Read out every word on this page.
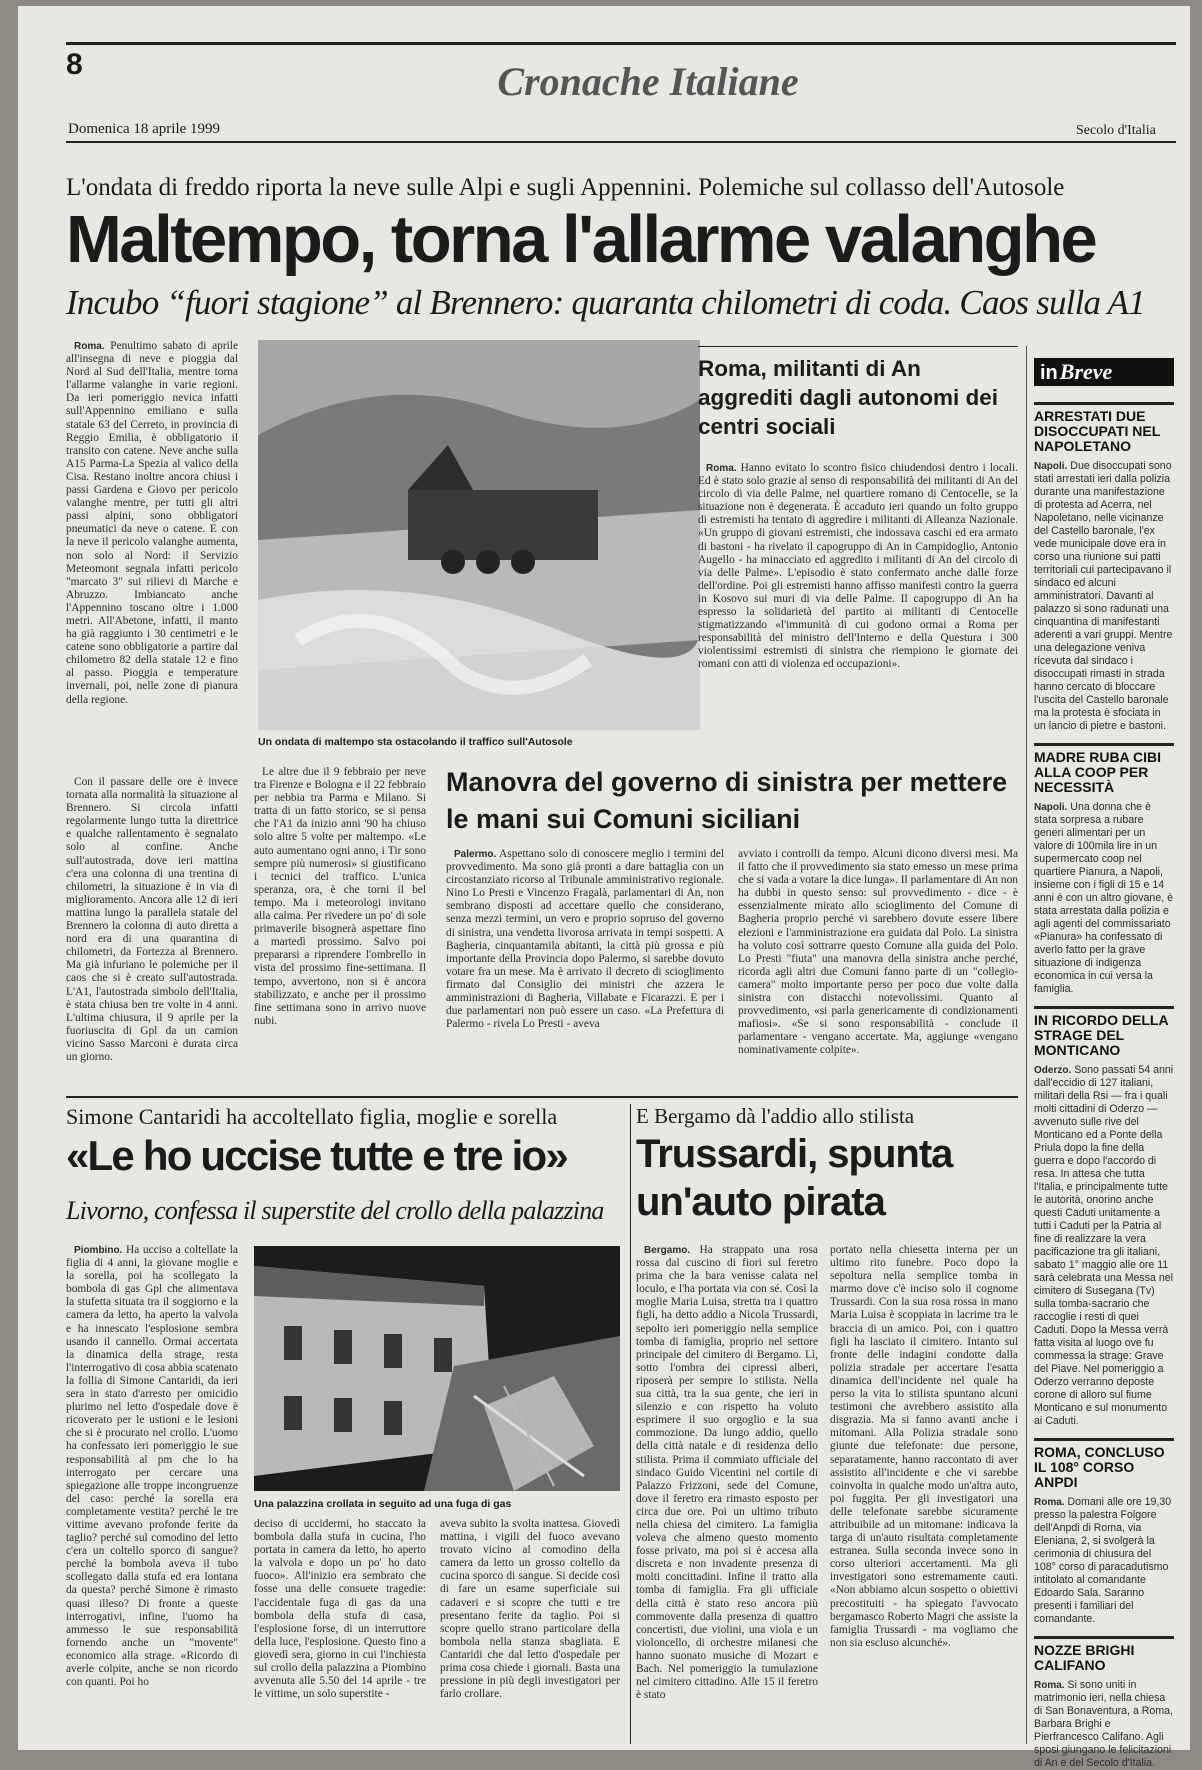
8	Cronache Italiane
Domenica 18 aprile 1999	Secolo d'Italia
L'ondata di freddo riporta la neve sulle Alpi e sugli Appennini. Polemiche sul collasso dell'Autosole
Maltempo, torna l'allarme valanghe
Incubo “fuori stagione” al Brennero: quaranta chilometri di coda. Caos sulla A1

Roma. Penultimo sabato di aprile all'insegna di neve e pioggia dal Nord al Sud dell'Italia, mentre torna l'allarme valanghe in varie regioni. Da ieri pomeriggio nevica infatti sull'Appennino emiliano e sulla statale 63 del Cerreto, in provincia di Reggio Emilia, è obbligatorio il transito con catene. Neve anche sulla A15 Parma-La Spezia al valico della Cisa. Restano inoltre ancora chiusi i passi Gardena e Giovo per pericolo valanghe mentre, per tutti gli altri passi alpini, sono obbligatori pneumatici da neve o catene. E con la neve il pericolo valanghe aumenta, non solo al Nord: il Servizio Meteomont segnala infatti pericolo "marcato 3" sui rilievi di Marche e Abruzzo. Imbiancato anche l'Appennino toscano oltre i 1.000 metri. All'Abetone, infatti, il manto ha già raggiunto i 30 centimetri e le catene sono obbligatorie a partire dal chilometro 82 della statale 12 e fino al passo. Pioggia e temperature invernali, poi, nelle zone di pianura della regione.

Un ondata di maltempo sta ostacolando il traffico sull'Autosole
Con il passare delle ore è invece tornata alla normalità la situazione al Brennero. Si circola infatti regolarmente lungo tutta la direttrice e qualche rallentamento è segnalato solo al confine. Anche sull'autostrada, dove ieri mattina c'era una colonna di una trentina di chilometri, la situazione è in via di miglioramento. Ancora alle 12 di ieri mattina lungo la parallela statale del Brennero la colonna di auto diretta a nord era di una quarantina di chilometri, da Fortezza al Brennero. Ma già infuriano le polemiche per il caos che si è creato sull'autostrada. L'A1, l'autostrada simbolo dell'Italia, è stata chiusa ben tre volte in 4 anni. L'ultima chiusura, il 9 aprile per la fuoriuscita di Gpl da un camion vicino Sasso Marconi è durata circa un giorno.
Le altre due il 9 febbraio per neve tra Firenze e Bologna e il 22 febbraio per nebbia tra Parma e Milano. Si tratta di un fatto storico, se si pensa che l'A1 da inizio anni '90 ha chiuso solo altre 5 volte per maltempo. «Le auto aumentano ogni anno, i Tir sono sempre più numerosi» si giustificano i tecnici del traffico. L'unica speranza, ora, è che torni il bel tempo. Ma i meteorologi invitano alla calma. Per rivedere un po' di sole primaverile bisognerà aspettare fino a martedì prossimo. Salvo poi prepararsi a riprendere l'ombrello in vista del prossimo fine-settimana. Il tempo, avvertono, non si è ancora stabilizzato, e anche per il prossimo fine settimana sono in arrivo nuove nubi.
Roma, militanti di An aggrediti dagli autonomi dei centri sociali

Roma. Hanno evitato lo scontro fisico chiudendosi dentro i locali. Ed è stato solo grazie al senso di responsabilità dei militanti di An del circolo di via delle Palme, nel quartiere romano di Centocelle, se la situazione non è degenerata. È accaduto ieri quando un folto gruppo di estremisti ha tentato di aggredire i militanti di Alleanza Nazionale. «Un gruppo di giovani estremisti, che indossava caschi ed era armato di bastoni - ha rivelato il capogruppo di An in Campidoglio, Antonio Augello - ha minacciato ed aggredito i militanti di An del circolo di via delle Palme». L'episodio è stato confermato anche dalle forze dell'ordine. Poi gli estremisti hanno affisso manifesti contro la guerra in Kosovo sui muri di via delle Palme. Il capogruppo di An ha espresso la solidarietà del partito ai militanti di Centocelle stigmatizzando «l'immunità di cui godono ormai a Roma per responsabilità del ministro dell'Interno e della Questura i 300 violentissimi estremisti di sinistra che riempiono le giornate dei romani con atti di violenza ed occupazioni».

Manovra del governo di sinistra per mettere le mani sui Comuni siciliani

Palermo. Aspettano solo di conoscere meglio i termini del provvedimento. Ma sono già pronti a dare battaglia con un circostanziato ricorso al Tribunale amministrativo regionale. Nino Lo Presti e Vincenzo Fragalà, parlamentari di An, non sembrano disposti ad accettare quello che considerano, senza mezzi termini, un vero e proprio sopruso del governo di sinistra, una vendetta livorosa arrivata in tempi sospetti. A Bagheria, cinquantamila abitanti, la città più grossa e più importante della Provincia dopo Palermo, si sarebbe dovuto votare fra un mese. Ma è arrivato il decreto di scioglimento firmato dal Consiglio dei ministri che azzera le amministrazioni di Bagheria, Villabate e Ficarazzi. E per i due parlamentari non può essere un caso. «La Prefettura di Palermo - rivela Lo Presti - aveva

avviato i controlli da tempo. Alcuni dicono diversi mesi. Ma il fatto che il provvedimento sia stato emesso un mese prima che si vada a votare la dice lunga». Il parlamentare di An non ha dubbi in questo senso: sul provvedimento - dice - è essenzialmente mirato allo scioglimento del Comune di Bagheria proprio perché vi sarebbero dovute essere libere elezioni e l'amministrazione era guidata dal Polo. La sinistra ha voluto così sottrarre questo Comune alla guida del Polo. Lo Presti "fiuta" una manovra della sinistra anche perché, ricorda agli altri due Comuni fanno parte di un "collegio-camera" molto importante perso per poco due volte dalla sinistra con distacchi notevolissimi. Quanto al provvedimento, «si parla genericamente di condizionamenti mafiosi». «Se si sono responsabilità - conclude il parlamentare - vengano accertate. Ma, aggiunge «vengano nominativamente colpite».
Simone Cantaridi ha accoltellato figlia, moglie e sorella
«Le ho uccise tutte e tre io»
Livorno, confessa il superstite del crollo della palazzina

Piombino. Ha ucciso a coltellate la figlia di 4 anni, la giovane moglie e la sorella, poi ha scollegato la bombola di gas Gpl che alimentava la stufetta situata tra il soggiorno e la camera da letto, ha aperto la valvola e ha innescato l'esplosione sembra usando il cannello. Ormai accertata la dinamica della strage, resta l'interrogativo di cosa abbia scatenato la follia di Simone Cantaridi, da ieri sera in stato d'arresto per omicidio plurimo nel letto d'ospedale dove è ricoverato per le ustioni e le lesioni che si è procurato nel crollo. L'uomo ha confessato ieri pomeriggio le sue responsabilità al pm che lo ha interrogato per cercare una spiegazione alle troppe incongruenze del caso: perché la sorella era completamente vestita? perché le tre vittime avevano profonde ferite da taglio? perché sul comodino del letto c'era un coltello sporco di sangue? perché la bombola aveva il tubo scollegato dalla stufa ed era lontana da questa? perché Simone è rimasto quasi illeso? Di fronte a queste interrogativi, infine, l'uomo ha ammesso le sue responsabilità fornendo anche un "movente" economico alla strage. «Ricordo di averle colpite, anche se non ricordo con quanti. Poi ho

Una palazzina crollata in seguito ad una fuga di gas
deciso di uccidermi, ho staccato la bombola dalla stufa in cucina, l'ho portata in camera da letto, ho aperto la valvola e dopo un po' ho dato fuoco». All'inizio era sembrato che fosse una delle consuete tragedie: l'accidentale fuga di gas da una bombola della stufa di casa, l'esplosione forse, di un interruttore della luce, l'esplosione. Questo fino a giovedì sera, giorno in cui l'inchiesta sul crollo della palazzina a Piombino avvenuta alle 5.50 del 14 aprile - tre le vittime, un solo superstite -
aveva subito la svolta inattesa. Giovedì mattina, i vigili del fuoco avevano trovato vicino al comodino della camera da letto un grosso coltello da cucina sporco di sangue. Si decide così di fare un esame superficiale sui cadaveri e si scopre che tutti e tre presentano ferite da taglio. Poi si scopre quello strano particolare della bombola nella stanza sbagliata. E Cantaridi che dal letto d'ospedale per prima cosa chiede i giornali. Basta una pressione in più degli investigatori per farlo crollare.
E Bergamo dà l'addio allo stilista
Trussardi, spunta un'auto pirata

Bergamo. Ha strappato una rosa rossa dal cuscino di fiori sul feretro prima che la bara venisse calata nel loculo, e l'ha portata via con sé. Così la moglie Maria Luisa, stretta tra i quattro figli, ha detto addio a Nicola Trussardi, sepolto ieri pomeriggio nella semplice tomba di famiglia, proprio nel settore principale del cimitero di Bergamo. Lì, sotto l'ombra dei cipressi alberi, riposerà per sempre lo stilista. Nella sua città, tra la sua gente, che ieri in silenzio e con rispetto ha voluto esprimere il suo orgoglio e la sua commozione. Da lungo addio, quello della città natale e di residenza dello stilista. Prima il commiato ufficiale del sindaco Guido Vicentini nel cortile di Palazzo Frizzoni, sede del Comune, dove il feretro era rimasto esposto per circa due ore. Poi un ultimo tributo nella chiesa del cimitero. La famiglia voleva che almeno questo momento fosse privato, ma poi si è accesa alla discreta e non invadente presenza di molti concittadini. Infine il tratto alla tomba di famiglia. Fra gli ufficiale della città è stato reso ancora più commovente dalla presenza di quattro concertisti, due violini, una viola e un violoncello, di orchestre milanesi che hanno suonato musiche di Mozart e Bach. Nel pomeriggio la tumulazione nel cimitero cittadino. Alle 15 il feretro è stato

portato nella chiesetta interna per un ultimo rito funebre. Poco dopo la sepoltura nella semplice tomba in marmo dove c'è inciso solo il cognome Trussardi. Con la sua rosa rossa in mano Maria Luisa è scoppiata in lacrime tra le braccia di un amico. Poi, con i quattro figli ha lasciato il cimitero. Intanto sul fronte delle indagini condotte dalla polizia stradale per accertare l'esatta dinamica dell'incidente nel quale ha perso la vita lo stilista spuntano alcuni testimoni che avrebbero assistito alla disgrazia. Ma si fanno avanti anche i mitomani. Alla Polizia stradale sono giunte due telefonate: due persone, separatamente, hanno raccontato di aver assistito all'incidente e che vi sarebbe coinvolta in qualche modo un'altra auto, poi fuggita. Per gli investigatori una delle telefonate sarebbe sicuramente attribuibile ad un mitomane: indicava la targa di un'auto risultata completamente estranea. Sulla seconda invece sono in corso ulteriori accertamenti. Ma gli investigatori sono estremamente cauti. «Non abbiamo alcun sospetto o obiettivi precostituiti - ha spiegato l'avvocato bergamasco Roberto Magri che assiste la famiglia Trussardi - ma vogliamo che non sia escluso alcunché».
inBreve
ARRESTATI DUE DISOCCUPATI NEL NAPOLETANO
Napoli. Due disoccupati sono stati arrestati ieri dalla polizia durante una manifestazione di protesta ad Acerra, nel Napoletano, nelle vicinanze del Castello baronale, l'ex vede municipale dove era in corso una riunione sui patti territoriali cui partecipavano il sindaco ed alcuni amministratori. Davanti al palazzo si sono radunati una cinquantina di manifestanti aderenti a vari gruppi. Mentre una delegazione veniva ricevuta dal sindaco i disoccupati rimasti in strada hanno cercato di bloccare l'uscita del Castello baronale ma la protesta è sfociata in un lancio di pietre e bastoni.
MADRE RUBA CIBI ALLA COOP PER NECESSITÀ
Napoli. Una donna che è stata sorpresa a rubare generi alimentari per un valore di 100mila lire in un supermercato coop nel quartiere Pianura, a Napoli, insieme con i figli di 15 e 14 anni è con un altro giovane, è stata arrestata dalla polizia e agli agenti del commissariato «Pianura» ha confessato di averlo fatto per la grave situazione di indigenza economica in cui versa la famiglia.
IN RICORDO DELLA STRAGE DEL MONTICANO
Oderzo. Sono passati 54 anni dall'eccidio di 127 italiani, militari della Rsi — fra i quali molti cittadini di Oderzo — avvenuto sulle rive del Monticano ed a Ponte della Priula dopo la fine della guerra e dopo l'accordo di resa. In attesa che tutta l'Italia, e principalmente tutte le autorità, onorino anche questi Caduti unitamente a tutti i Caduti per la Patria al fine di realizzare la vera pacificazione tra gli italiani, sabato 1° maggio alle ore 11 sarà celebrata una Messa nel cimitero di Susegana (Tv) sulla tomba-sacrario che raccoglie i resti di quei Caduti. Dopo la Messa verrà fatta visita al luogo ove fu commessa la strage: Grave del Piave. Nel pomeriggio a Oderzo verranno deposte corone di alloro sul fiume Monticano e sul monumento ai Caduti.
ROMA, CONCLUSO IL 108° CORSO ANPDI
Roma. Domani alle ore 19,30 presso la palestra Folgore dell'Anpdi di Roma, via Eleniana, 2, si svolgerà la cerimonia di chiusura del 108° corso di paracadutismo intitolato al comandante Edoardo Sala. Saranno presenti i familiari del comandante.
NOZZE BRIGHI CALIFANO
Roma. Si sono uniti in matrimonio ieri, nella chiesa di San Bonaventura, a Roma, Barbara Brighi e Pierfrancesco Califano. Agli sposi giungano le felicitazioni di An e del Secolo d'Italia.
